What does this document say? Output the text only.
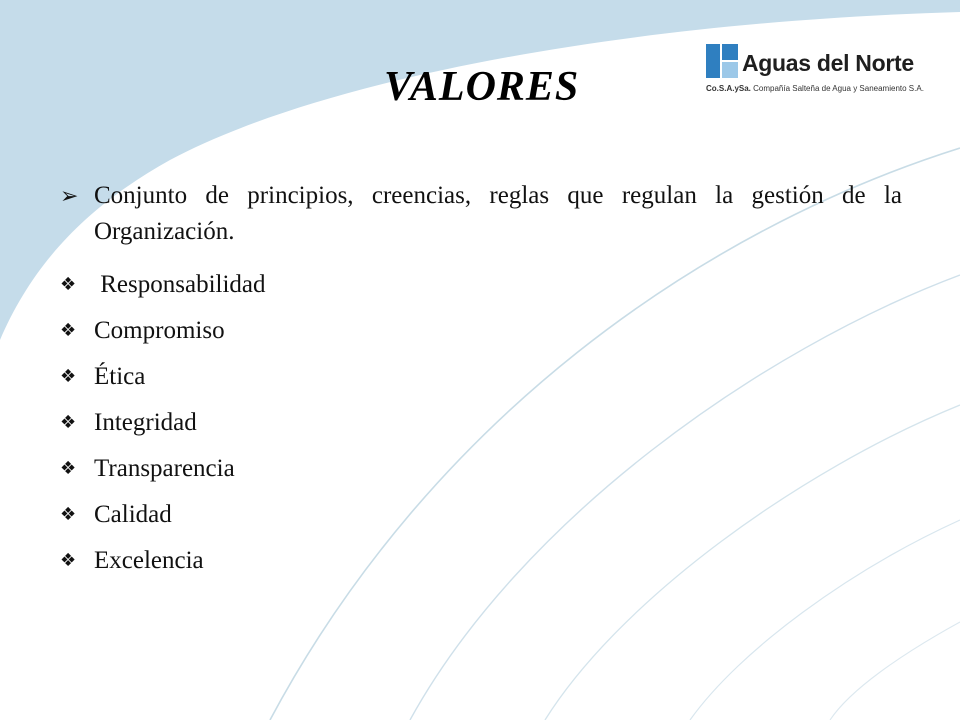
VALORES
Aguas del Norte
Co.S.A.ySa. Compañía Salteña de Agua y Saneamiento S.A.
➢ Conjunto de principios, creencias, reglas que regulan la gestión de la Organización.
❖ Responsabilidad
❖ Compromiso
❖ Ética
❖ Integridad
❖ Transparencia
❖ Calidad
❖ Excelencia
